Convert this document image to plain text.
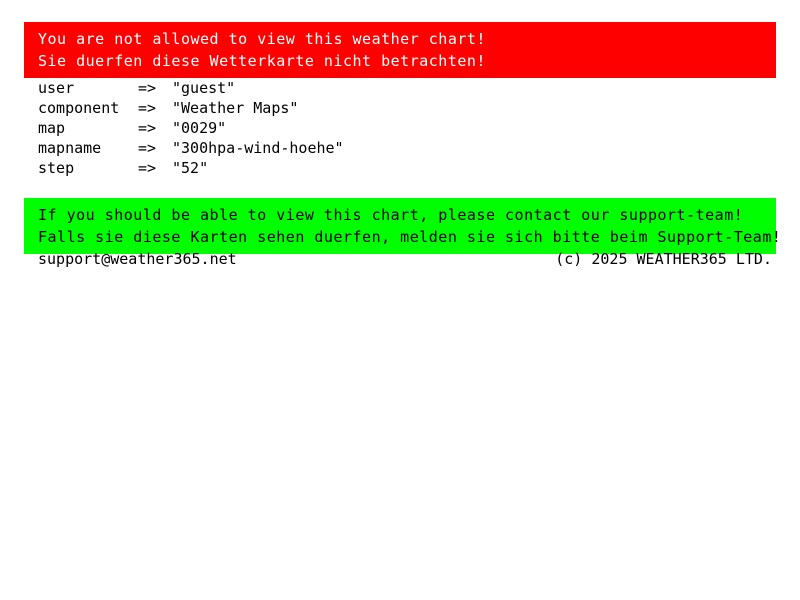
You are not allowed to view this weather chart!
Sie duerfen diese Wetterkarte nicht betrachten!
user	=>	"guest"
component	=>	"Weather Maps"
map	=>	"0029"
mapname	=>	"300hpa-wind-hoehe"
step	=>	"52"
If you should be able to view this chart, please contact our support-team!
Falls sie diese Karten sehen duerfen, melden sie sich bitte beim Support-Team!
support@weather365.net	(c) 2025 WEATHER365 LTD.
